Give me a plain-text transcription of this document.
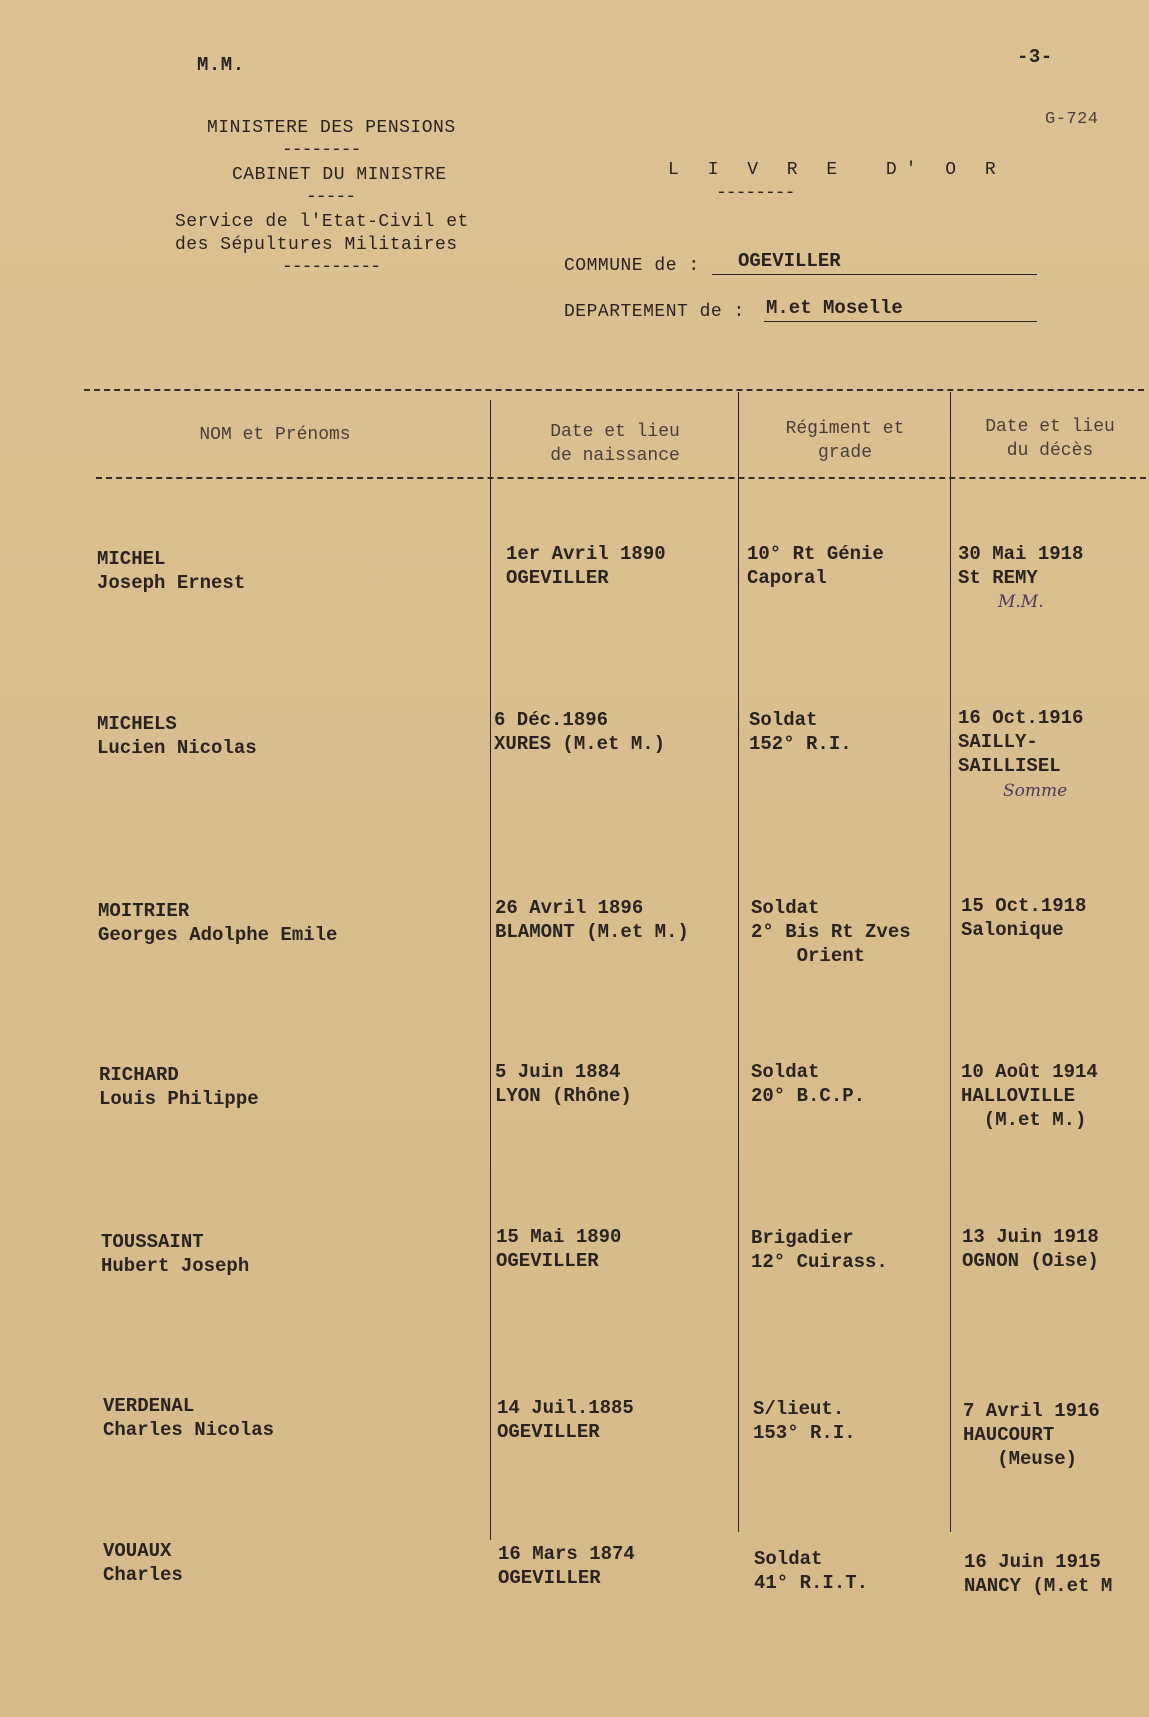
M.M.	-3-
G-724
MINISTERE DES PENSIONS
--------
CABINET DU MINISTRE
-----
Service de l'Etat-Civil et
des Sépultures Militaires
----------
L I V R E  D' O R
--------
COMMUNE de : OGEVILLER
DEPARTEMENT de : M.et Moselle
NOM et Prénoms	Date et lieu
de naissance
Régiment et
grade
Date et lieu
du décès
MICHEL
Joseph Ernest
1er Avril 1890
OGEVILLER
10° Rt Génie
Caporal
30 Mai 1918
St REMY
M.M.
MICHELS
Lucien Nicolas
6 Déc.1896
XURES (M.et M.)
Soldat
152° R.I.
16 Oct.1916
SAILLY-
SAILLISEL
Somme
MOITRIER
Georges Adolphe Emile
26 Avril 1896
BLAMONT (M.et M.)
Soldat
2° Bis Rt Zves
Orient
15 Oct.1918
Salonique
RICHARD
Louis Philippe
5 Juin 1884
LYON (Rhône)
Soldat
20° B.C.P.
10 Août 1914
HALLOVILLE
(M.et M.)
TOUSSAINT
Hubert Joseph
15 Mai 1890
OGEVILLER
Brigadier
12° Cuirass.
13 Juin 1918
OGNON (Oise)
VERDENAL
Charles Nicolas
14 Juil.1885
OGEVILLER
S/lieut.
153° R.I.
7 Avril 1916
HAUCOURT
(Meuse)
VOUAUX
Charles
16 Mars 1874
OGEVILLER
Soldat
41° R.I.T.
16 Juin 1915
NANCY (M.et M
